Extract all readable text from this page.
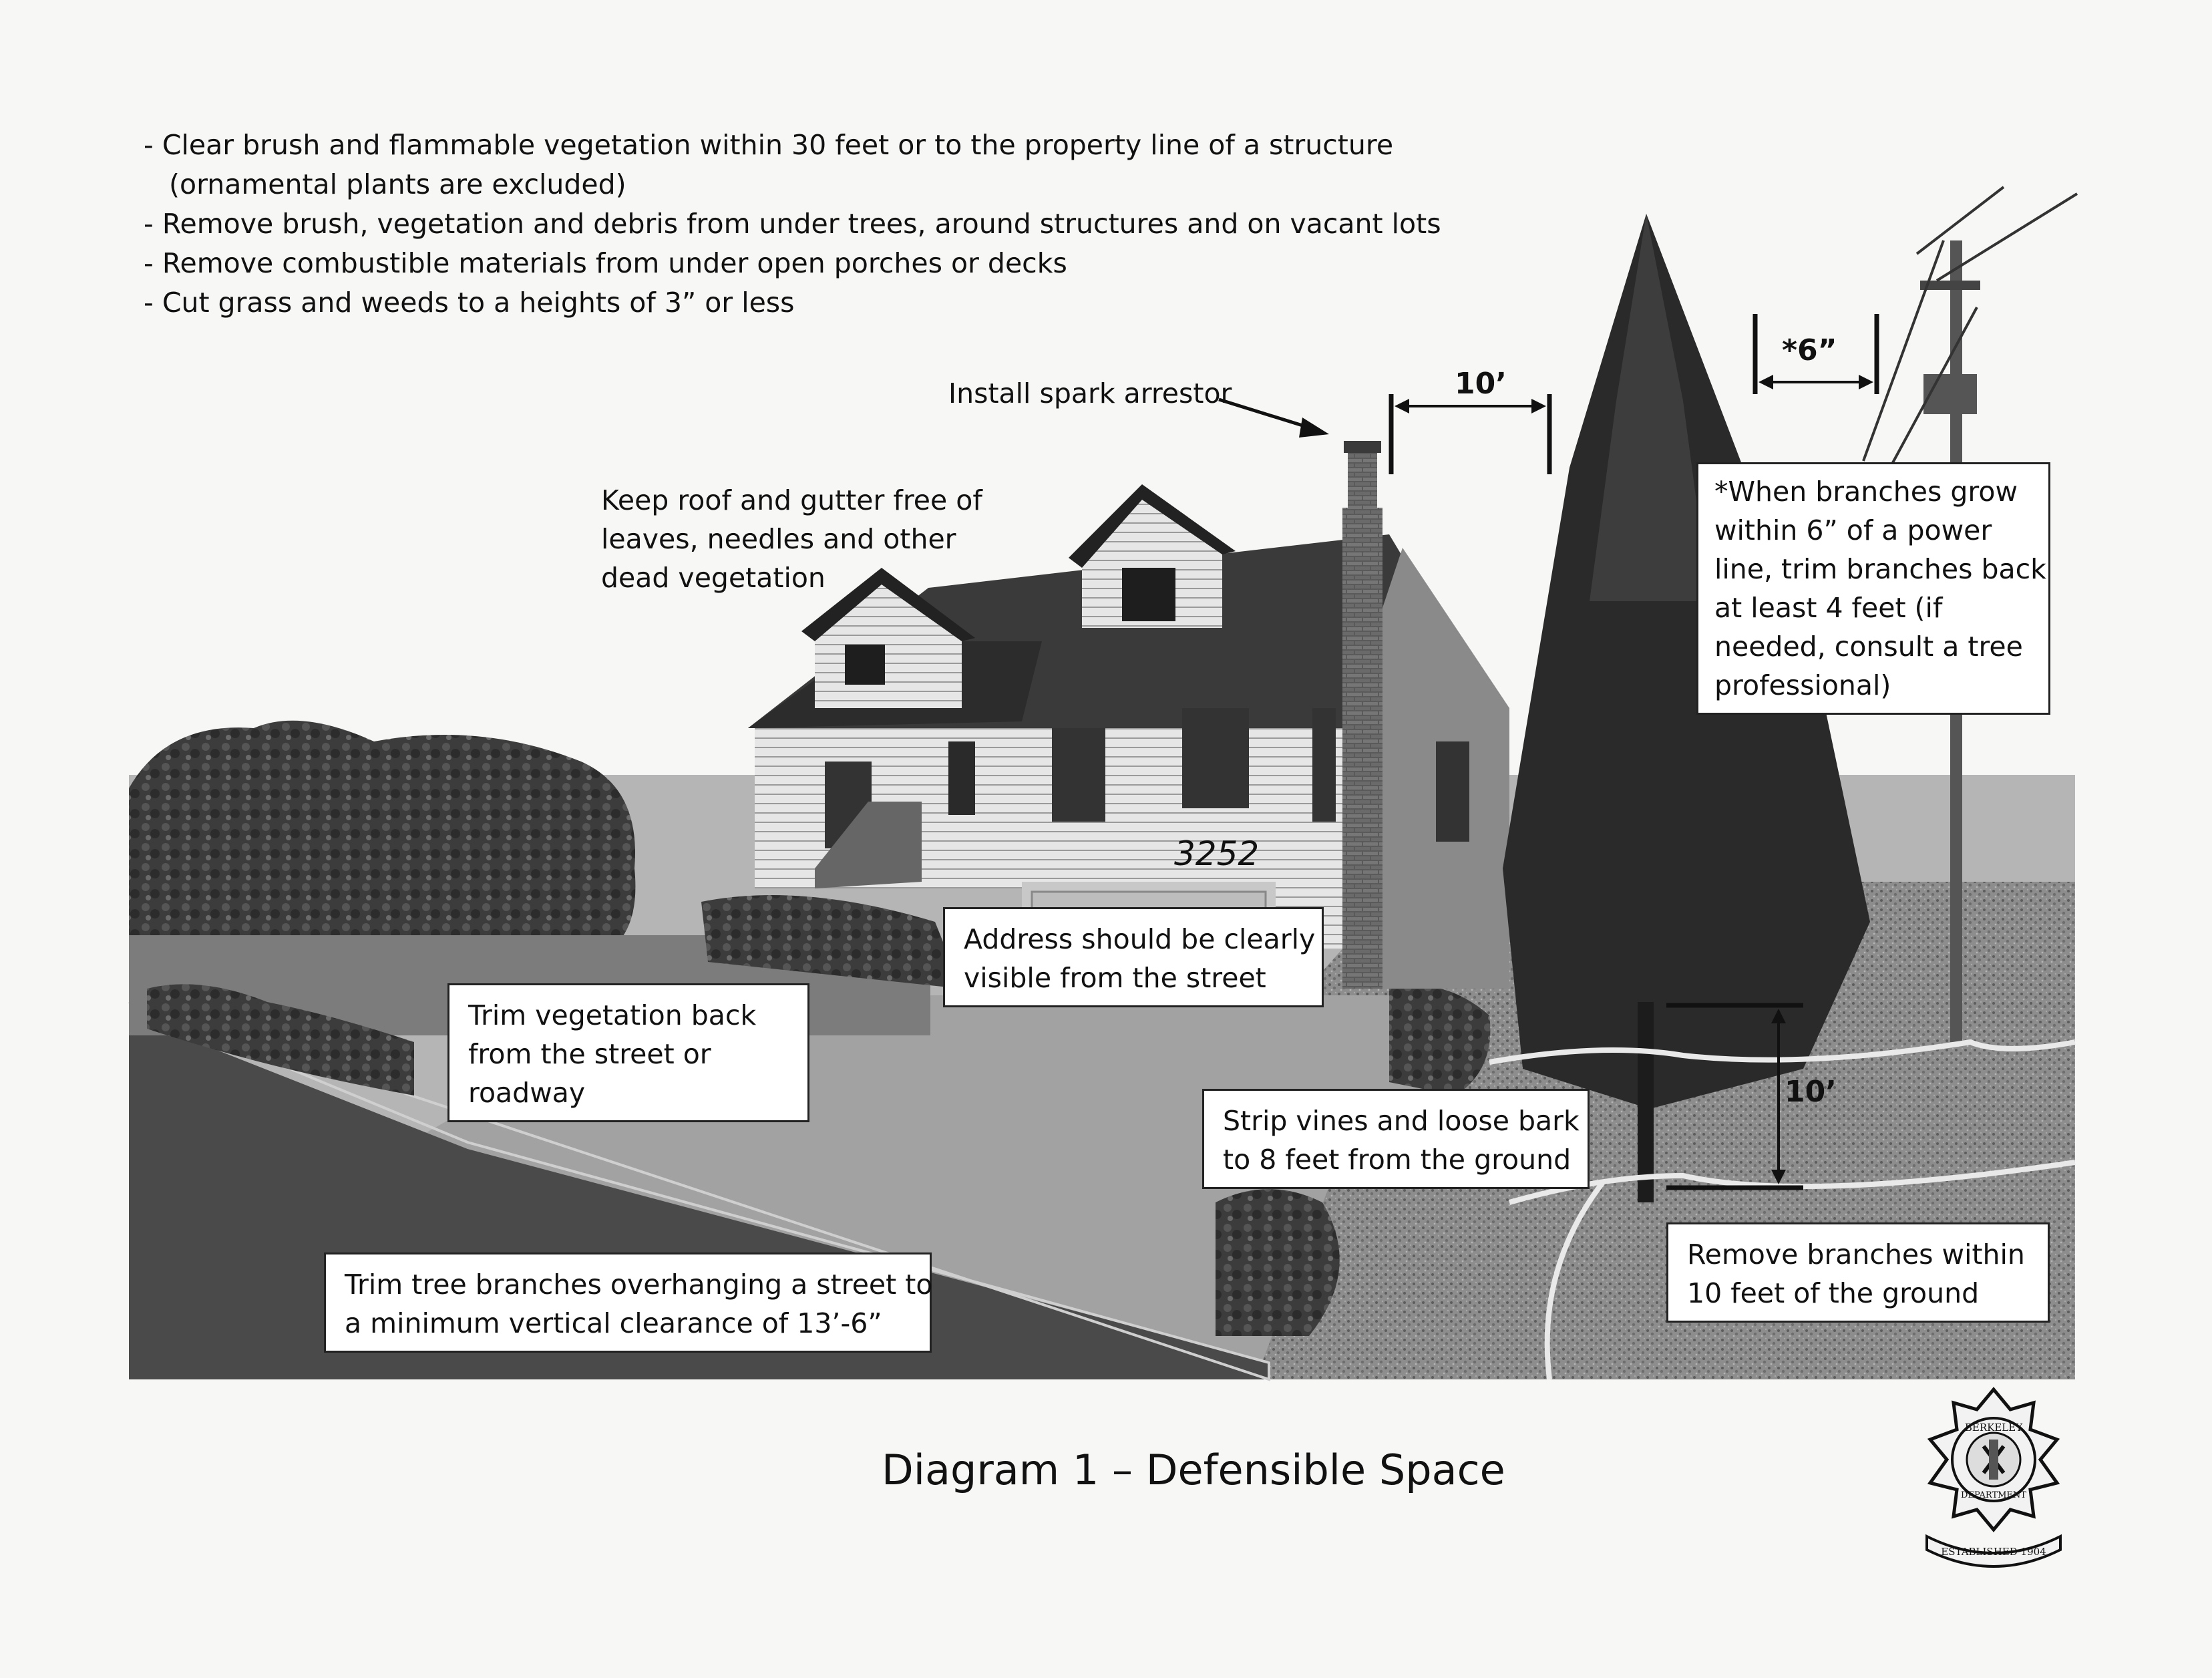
- Clear brush and flammable vegetation within 30 feet or to the property line of a structure
(ornamental plants are excluded)
- Remove brush, vegetation and debris from under trees, around structures and on vacant lots
- Remove combustible materials from under open porches or decks
- Cut grass and weeds to a heights of 3” or less
3252
Install spark arrestor
Keep roof and gutter free of
leaves, needles and other
dead vegetation
10’
*6”
10’
*When branches grow
within 6” of a power
line, trim branches back
at least 4 feet (if
needed, consult a tree
professional)
Address should be clearly
visible from the street
Trim vegetation back
from the street or
roadway
Strip vines and loose bark
to 8 feet from the ground
Remove branches within
10 feet of the ground
Trim tree branches overhanging a street to
a minimum vertical clearance of 13’-6”
Diagram 1 – Defensible Space
BERKELEY
DEPARTMENT
ESTABLISHED 1904
